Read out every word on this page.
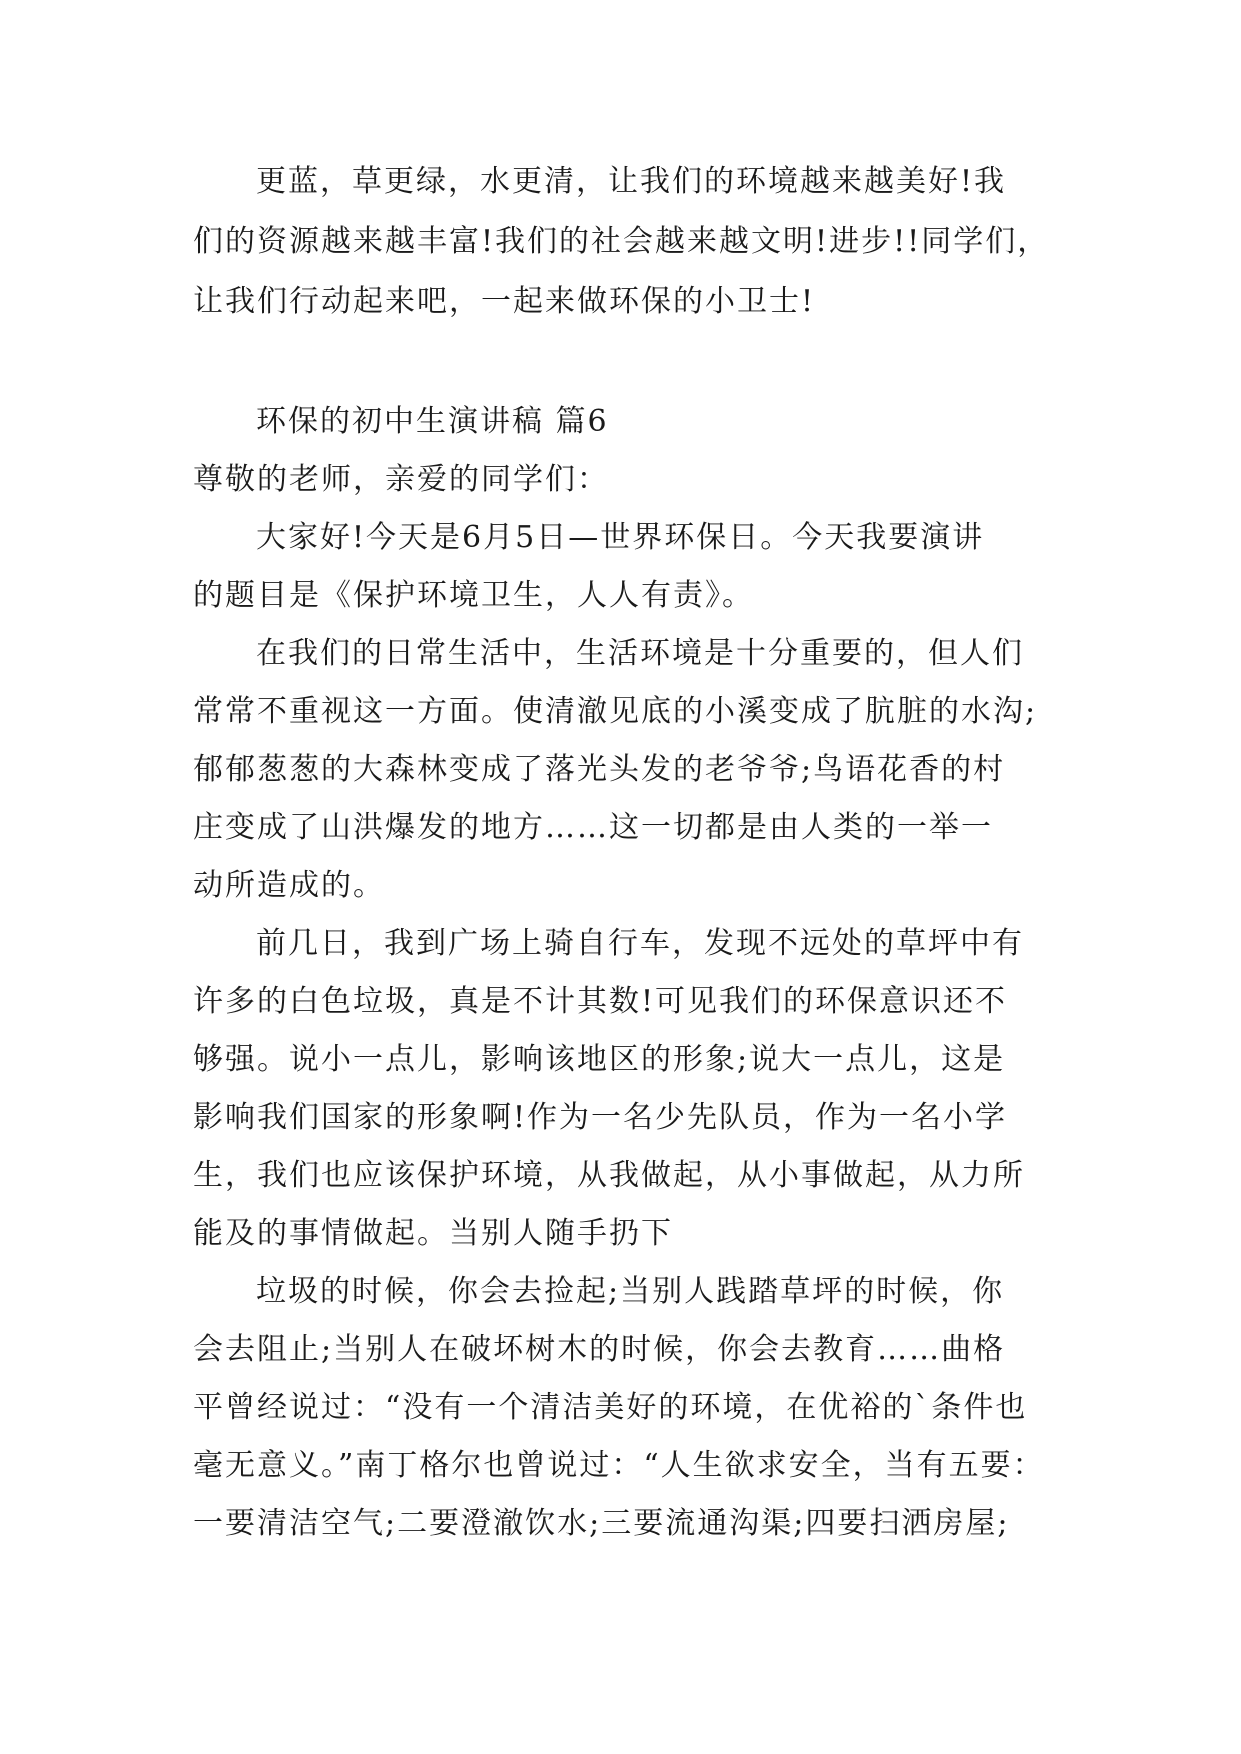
更蓝，草更绿，水更清，让我们的环境越来越美好!我
们的资源越来越丰富!我们的社会越来越文明!进步!!同学们，
让我们行动起来吧，一起来做环保的小卫士!
环保的初中生演讲稿 篇6
尊敬的老师，亲爱的同学们：
大家好!今天是6月5日—世界环保日。今天我要演讲
的题目是《保护环境卫生，人人有责》。
在我们的日常生活中，生活环境是十分重要的，但人们
常常不重视这一方面。使清澈见底的小溪变成了肮脏的水沟;
郁郁葱葱的大森林变成了落光头发的老爷爷;鸟语花香的村
庄变成了山洪爆发的地方……这一切都是由人类的一举一
动所造成的。
前几日，我到广场上骑自行车，发现不远处的草坪中有
许多的白色垃圾，真是不计其数!可见我们的环保意识还不
够强。说小一点儿，影响该地区的形象;说大一点儿，这是
影响我们国家的形象啊!作为一名少先队员，作为一名小学
生，我们也应该保护环境，从我做起，从小事做起，从力所
能及的事情做起。当别人随手扔下
垃圾的时候，你会去捡起;当别人践踏草坪的时候，你
会去阻止;当别人在破坏树木的时候，你会去教育……曲格
平曾经说过：“没有一个清洁美好的环境，在优裕的`条件也
毫无意义。”南丁格尔也曾说过：“人生欲求安全，当有五要：
一要清洁空气;二要澄澈饮水;三要流通沟渠;四要扫洒房屋;
